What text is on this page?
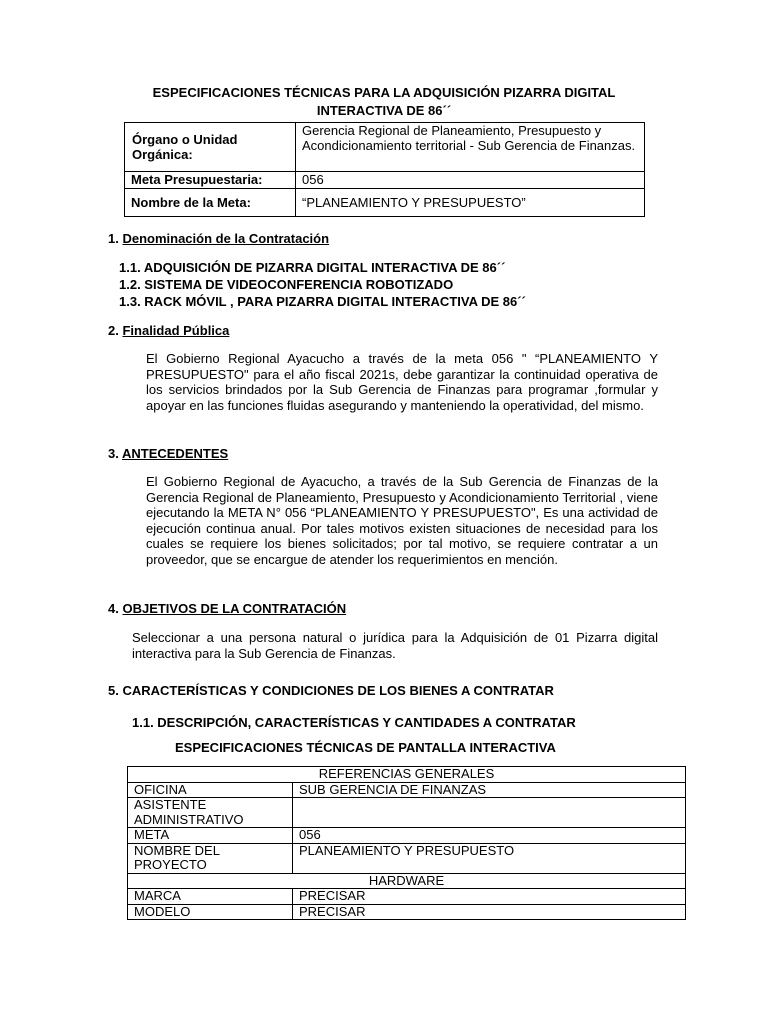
ESPECIFICACIONES TÉCNICAS PARA LA ADQUISICIÓN PIZARRA DIGITAL
INTERACTIVA DE 86´´
Órgano o Unidad Orgánica:	Gerencia Regional de Planeamiento, Presupuesto y Acondicionamiento territorial - Sub Gerencia de Finanzas.
Meta Presupuestaria:	056
Nombre de la Meta:	“PLANEAMIENTO Y PRESUPUESTO”
1. Denominación de la Contratación
1.1. ADQUISICIÓN DE PIZARRA DIGITAL INTERACTIVA DE 86´´
1.2. SISTEMA DE VIDEOCONFERENCIA ROBOTIZADO
1.3. RACK MÓVIL , PARA PIZARRA DIGITAL INTERACTIVA DE 86´´
2. Finalidad Pública
El Gobierno Regional Ayacucho a través de la meta 056 " “PLANEAMIENTO Y PRESUPUESTO" para el año fiscal 2021s, debe garantizar la continuidad operativa de los servicios brindados por la Sub Gerencia de Finanzas para programar ,formular y apoyar en las funciones fluidas asegurando y manteniendo la operatividad, del mismo.
3. ANTECEDENTES
El Gobierno Regional de Ayacucho, a través de la Sub Gerencia de Finanzas de la Gerencia Regional de Planeamiento, Presupuesto y Acondicionamiento Territorial , viene ejecutando la META N° 056 “PLANEAMIENTO Y PRESUPUESTO", Es una actividad de ejecución continua anual. Por tales motivos existen situaciones de necesidad para los cuales se requiere los bienes solicitados; por tal motivo, se requiere contratar a un proveedor, que se encargue de atender los requerimientos en mención.
4. OBJETIVOS DE LA CONTRATACIÓN
Seleccionar a una persona natural o jurídica para la Adquisición de 01 Pizarra digital interactiva para la Sub Gerencia de Finanzas.
5. CARACTERÍSTICAS Y CONDICIONES DE LOS BIENES A CONTRATAR
1.1. DESCRIPCIÓN, CARACTERÍSTICAS Y CANTIDADES A CONTRATAR
ESPECIFICACIONES TÉCNICAS DE PANTALLA INTERACTIVA
REFERENCIAS GENERALES	
OFICINA	SUB GERENCIA DE FINANZAS
ASISTENTE ADMINISTRATIVO	
META	056
NOMBRE DEL PROYECTO	PLANEAMIENTO Y PRESUPUESTO
HARDWARE	
MARCA	PRECISAR
MODELO	PRECISAR
